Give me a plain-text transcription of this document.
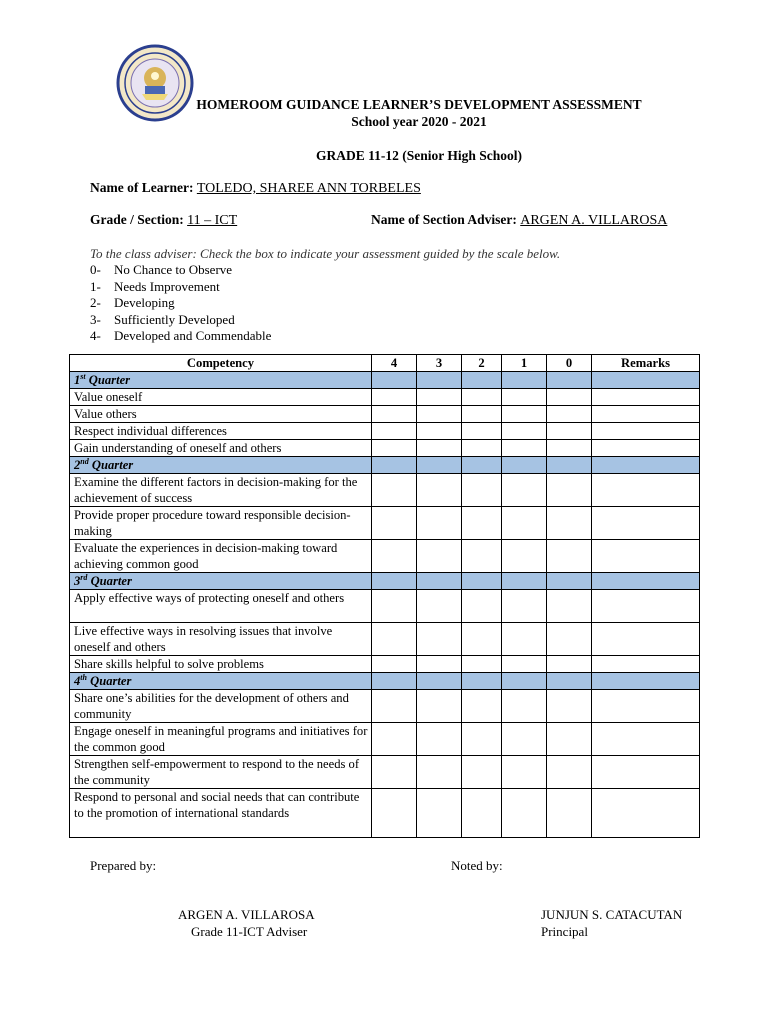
HOMEROOM GUIDANCE LEARNER’S DEVELOPMENT ASSESSMENT
School year 2020 - 2021
GRADE 11-12 (Senior High School)
Name of Learner: TOLEDO, SHAREE ANN TORBELES
Grade / Section: 11 – ICT	Name of Section Adviser: ARGEN A. VILLAROSA
To the class adviser: Check the box to indicate your assessment guided by the scale below.
0- No Chance to Observe
1- Needs Improvement
2-Developing
3- Sufficiently Developed
4- Developed and Commendable
Competency	4	3	2	1	0	Remarks
1st Quarter						
Value oneself						
Value others						
Respect individual differences						
Gain understanding of oneself and others						
2nd Quarter						
Examine the different factors in decision-making for the achievement of success						
Provide proper procedure toward responsible decision-making						
Evaluate the experiences in decision-making toward achieving common good						
3rd Quarter						
Apply effective ways of protecting oneself and others						
Live effective ways in resolving issues that involve oneself and others						
Share skills helpful to solve problems						
4th Quarter						
Share one’s abilities for the development of others and community						
Engage oneself in meaningful programs and initiatives for the common good						
Strengthen self-empowerment to respond to the needs of the community						
Respond to personal and social needs that can contribute to the promotion of international standards						
Prepared by:	Noted by:
ARGEN A. VILLAROSA
Grade 11-ICT Adviser
JUNJUN S. CATACUTAN
Principal
